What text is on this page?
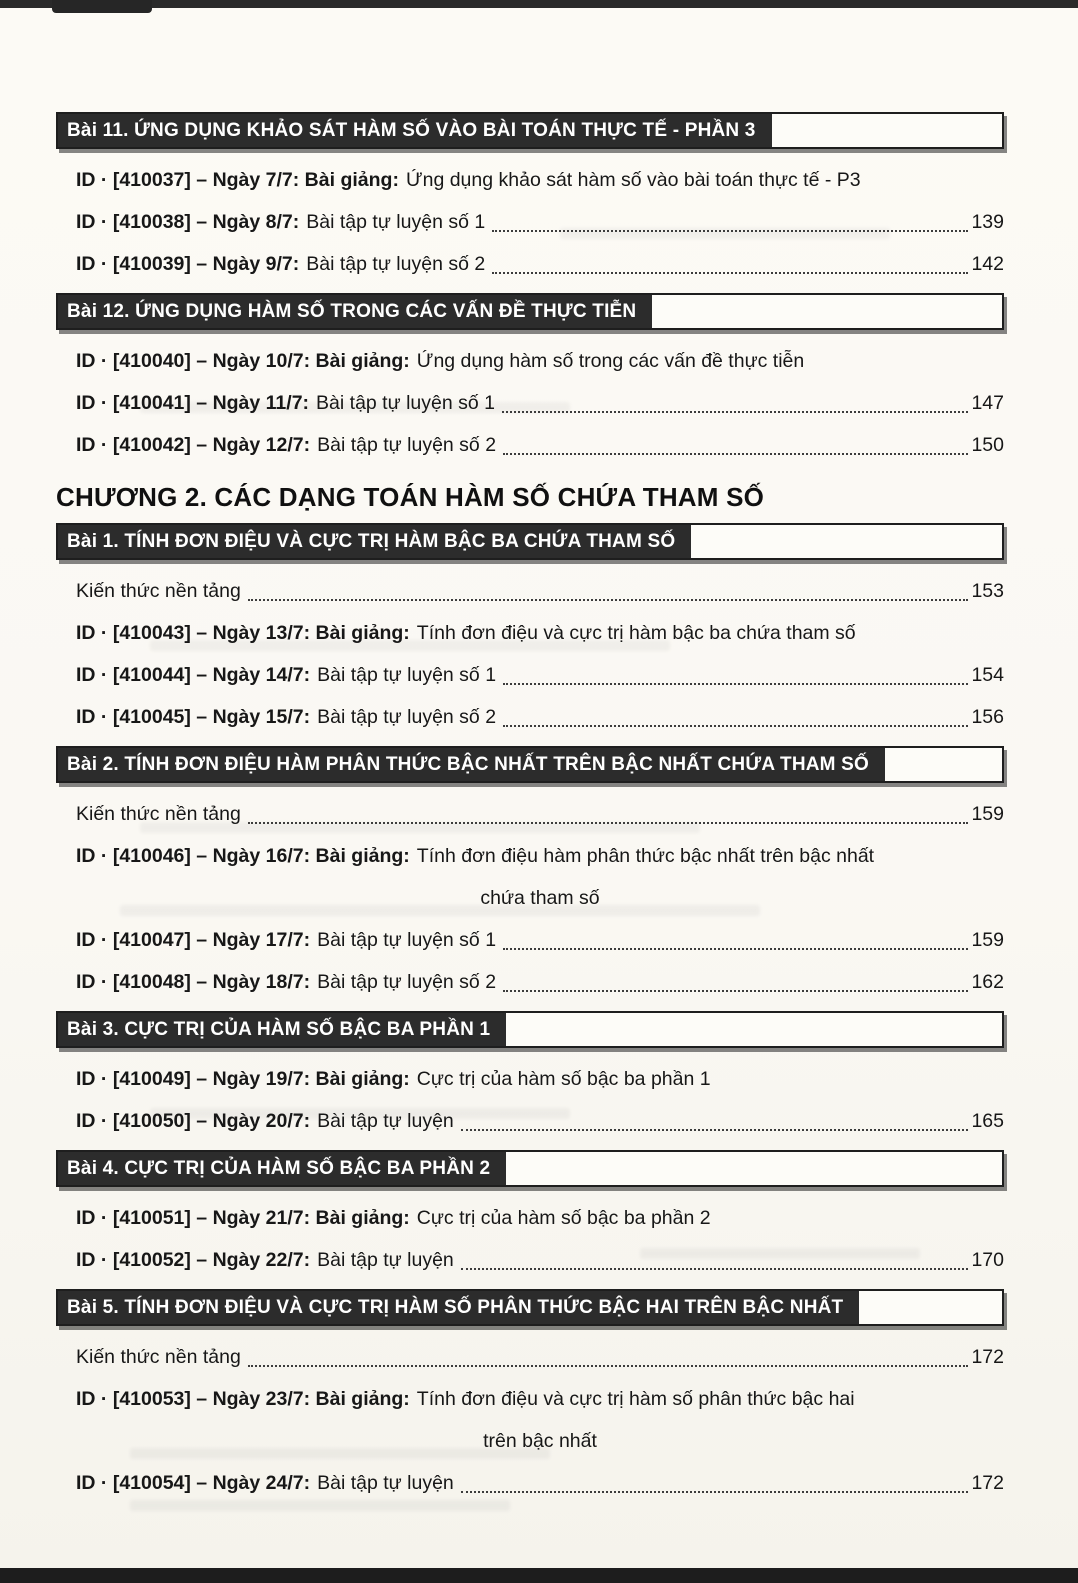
Bài 11. ỨNG DỤNG KHẢO SÁT HÀM SỐ VÀO BÀI TOÁN THỰC TẾ - PHẦN 3
ID · [410037] – Ngày 7/7: Bài giảng: Ứng dụng khảo sát hàm số vào bài toán thực tế - P3
ID · [410038] – Ngày 8/7: Bài tập tự luyện số 1	139
ID · [410039] – Ngày 9/7: Bài tập tự luyện số 2	142
Bài 12. ỨNG DỤNG HÀM SỐ TRONG CÁC VẤN ĐỀ THỰC TIỄN
ID · [410040] – Ngày 10/7: Bài giảng: Ứng dụng hàm số trong các vấn đề thực tiễn
ID · [410041] – Ngày 11/7: Bài tập tự luyện số 1	147
ID · [410042] – Ngày 12/7: Bài tập tự luyện số 2	150
CHƯƠNG 2. CÁC DẠNG TOÁN HÀM SỐ CHỨA THAM SỐ
Bài 1. TÍNH ĐƠN ĐIỆU VÀ CỰC TRỊ HÀM BẬC BA CHỨA THAM SỐ
Kiến thức nền tảng	153
ID · [410043] – Ngày 13/7: Bài giảng: Tính đơn điệu và cực trị hàm bậc ba chứa tham số
ID · [410044] – Ngày 14/7: Bài tập tự luyện số 1	154
ID · [410045] – Ngày 15/7: Bài tập tự luyện số 2	156
Bài 2. TÍNH ĐƠN ĐIỆU HÀM PHÂN THỨC BẬC NHẤT TRÊN BẬC NHẤT CHỨA THAM SỐ
Kiến thức nền tảng	159
ID · [410046] – Ngày 16/7: Bài giảng: Tính đơn điệu hàm phân thức bậc nhất trên bậc nhất
chứa tham số
ID · [410047] – Ngày 17/7: Bài tập tự luyện số 1	159
ID · [410048] – Ngày 18/7: Bài tập tự luyện số 2	162
Bài 3. CỰC TRỊ CỦA HÀM SỐ BẬC BA PHẦN 1
ID · [410049] – Ngày 19/7: Bài giảng: Cực trị của hàm số bậc ba phần 1
ID · [410050] – Ngày 20/7: Bài tập tự luyện	165
Bài 4. CỰC TRỊ CỦA HÀM SỐ BẬC BA PHẦN 2
ID · [410051] – Ngày 21/7: Bài giảng: Cực trị của hàm số bậc ba phần 2
ID · [410052] – Ngày 22/7: Bài tập tự luyện	170
Bài 5. TÍNH ĐƠN ĐIỆU VÀ CỰC TRỊ HÀM SỐ PHÂN THỨC BẬC HAI TRÊN BẬC NHẤT
Kiến thức nền tảng	172
ID · [410053] – Ngày 23/7: Bài giảng: Tính đơn điệu và cực trị hàm số phân thức bậc hai
trên bậc nhất
ID · [410054] – Ngày 24/7: Bài tập tự luyện	172
